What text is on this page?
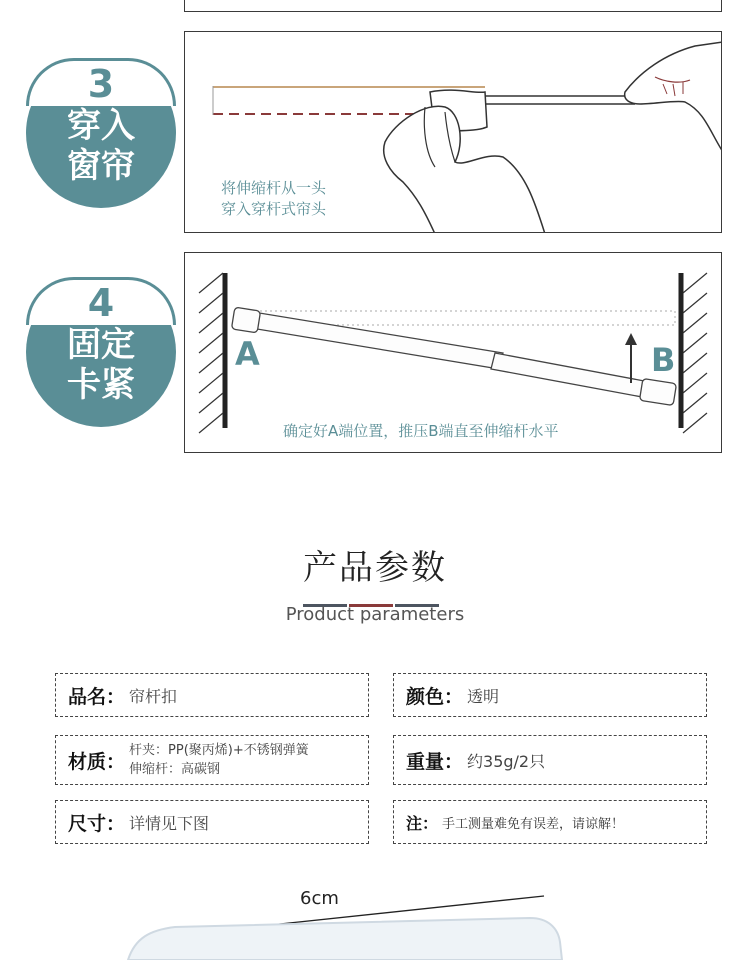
3
穿入
窗帘
将伸缩杆从一头
穿入穿杆式帘头
4
固定
卡紧
A	B
确定好A端位置，推压B端直至伸缩杆水平
产品参数
Product parameters
品名： 帘杆扣	颜色： 透明
材质： 杆夹：PP(聚丙烯)+不锈钢弹簧
伸缩杆：高碳钢	重量： 约35g/2只
尺寸： 详情见下图	注： 手工测量难免有误差，请谅解！
6cm
